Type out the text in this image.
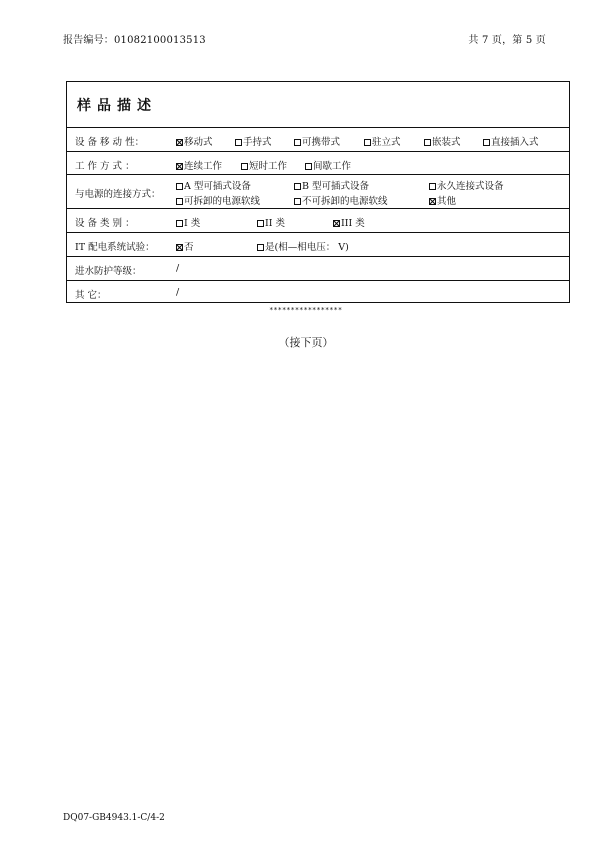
报告编号：01082100013513	共 7 页，第 5 页
样品描述
设 备 移 动 性：	移动式	手持式	可携带式	驻立式	嵌装式	直接插入式
工 作 方 式 ：	连续工作	短时工作	间歇工作
与电源的连接方式：
A 型可插式设备	B 型可插式设备	永久连接式设备
可拆卸的电源软线	不可拆卸的电源软线	其他
设 备 类 别 ：	I 类	II 类	III 类
IT 配电系统试验：	否	是(相—相电压： V)
进水防护等级：	/
其 它：	/
*****************
（接下页）
DQ07-GB4943.1-C/4-2
